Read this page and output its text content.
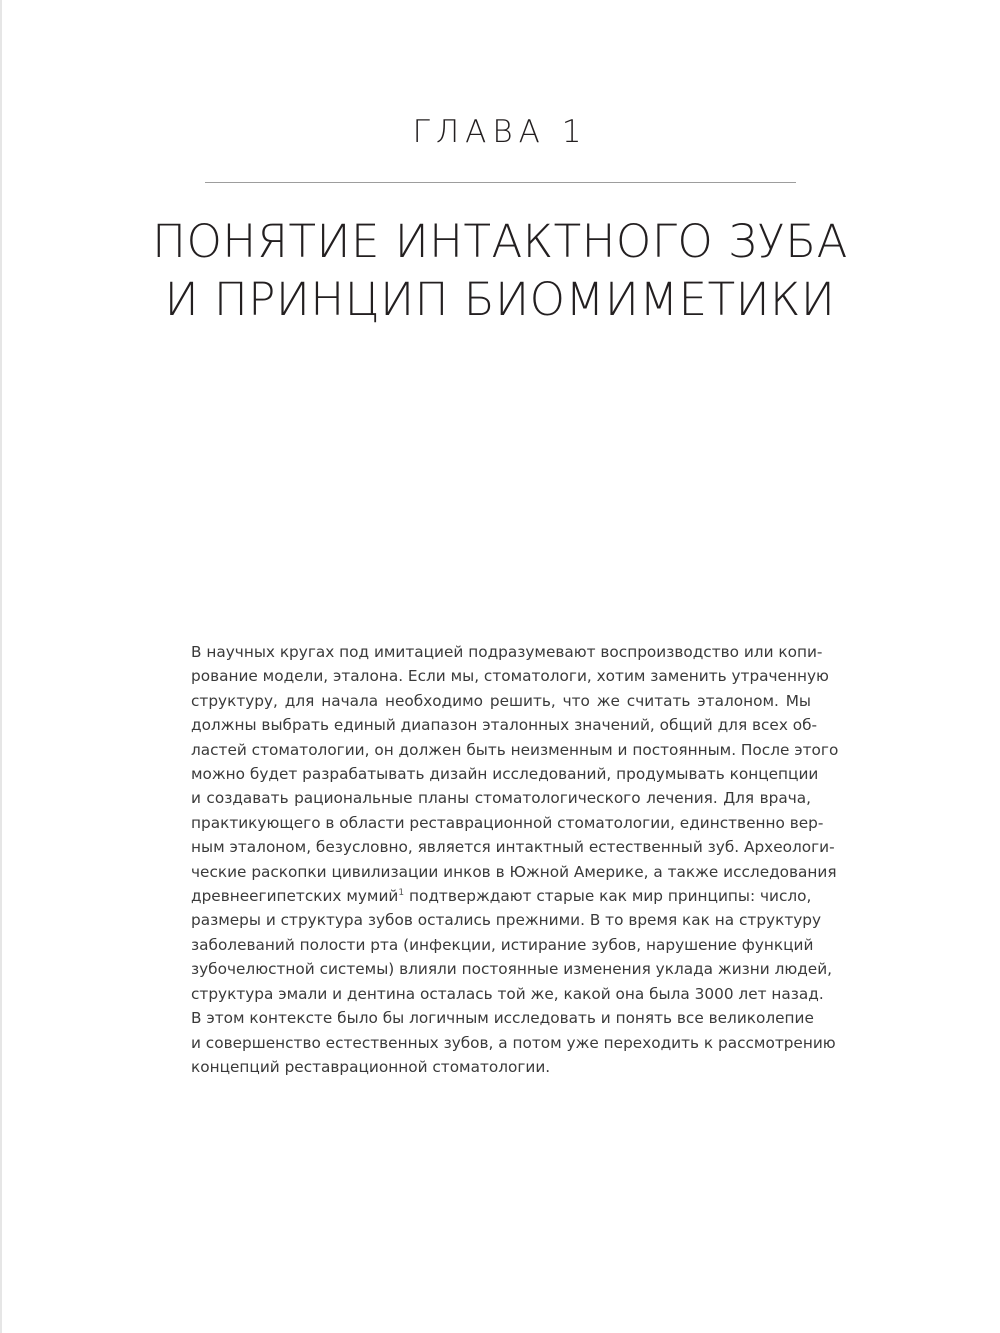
ГЛАВА 1
ПОНЯТИЕ ИНТАКТНОГО ЗУБА
И ПРИНЦИП БИОМИМЕТИКИ
В научных кругах под имитацией подразумевают воспроизводство или копи-
рование модели, эталона. Если мы, стоматологи, хотим заменить утраченную
структуру, для начала необходимо решить, что же считать эталоном. Мы
должны выбрать единый диапазон эталонных значений, общий для всех об-
ластей стоматологии, он должен быть неизменным и постоянным. После этого
можно будет разрабатывать дизайн исследований, продумывать концепции
и создавать рациональные планы стоматологического лечения. Для врача,
практикующего в области реставрационной стоматологии, единственно вер-
ным эталоном, безусловно, является интактный естественный зуб. Археологи-
ческие раскопки цивилизации инков в Южной Америке, а также исследования
древнеегипетских мумий$^1$ подтверждают старые как мир принципы: число,
размеры и структура зубов остались прежними. В то время как на структуру
заболеваний полости рта (инфекции, истирание зубов, нарушение функций
зубочелюстной системы) влияли постоянные изменения уклада жизни людей,
структура эмали и дентина осталась той же, какой она была 3000 лет назад.
В этом контексте было бы логичным исследовать и понять все великолепие
и совершенство естественных зубов, а потом уже переходить к рассмотрению
концепций реставрационной стоматологии.
